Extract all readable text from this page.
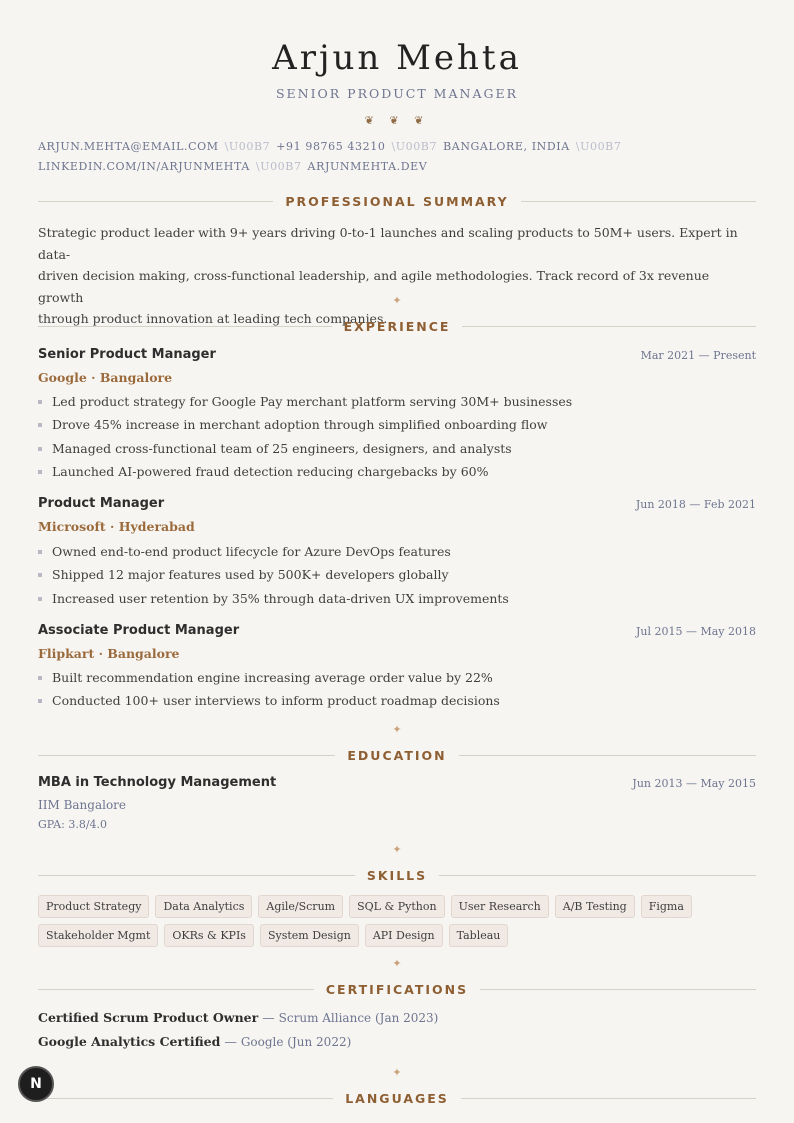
Arjun Mehta
SENIOR PRODUCT MANAGER
❦ ❦ ❦
ARJUN.MEHTA@EMAIL.COM \U00B7 +91 98765 43210 \U00B7 BANGALORE, INDIA \U00B7
LINKEDIN.COM/IN/ARJUNMEHTA \U00B7 ARJUNMEHTA.DEV
PROFESSIONAL SUMMARY
Strategic product leader with 9+ years driving 0-to-1 launches and scaling products to 50M+ users. Expert in data-
driven decision making, cross-functional leadership, and agile methodologies. Track record of 3x revenue growth
through product innovation at leading tech companies.
✦
EXPERIENCE
Senior Product Manager	Mar 2021 — Present
Google · Bangalore
Led product strategy for Google Pay merchant platform serving 30M+ businesses
Drove 45% increase in merchant adoption through simplified onboarding flow
Managed cross-functional team of 25 engineers, designers, and analysts
Launched AI-powered fraud detection reducing chargebacks by 60%
Product Manager	Jun 2018 — Feb 2021
Microsoft · Hyderabad
Owned end-to-end product lifecycle for Azure DevOps features
Shipped 12 major features used by 500K+ developers globally
Increased user retention by 35% through data-driven UX improvements
Associate Product Manager	Jul 2015 — May 2018
Flipkart · Bangalore
Built recommendation engine increasing average order value by 22%
Conducted 100+ user interviews to inform product roadmap decisions
✦
EDUCATION
MBA in Technology Management	Jun 2013 — May 2015
IIM Bangalore
GPA: 3.8/4.0
✦
SKILLS
Product Strategy	Data Analytics	Agile/Scrum	SQL & Python	User Research	A/B Testing	Figma
Stakeholder Mgmt	OKRs & KPIs	System Design	API Design	Tableau
✦
CERTIFICATIONS
Certified Scrum Product Owner — Scrum Alliance (Jan 2023)
Google Analytics Certified — Google (Jun 2022)
✦
LANGUAGES
N
